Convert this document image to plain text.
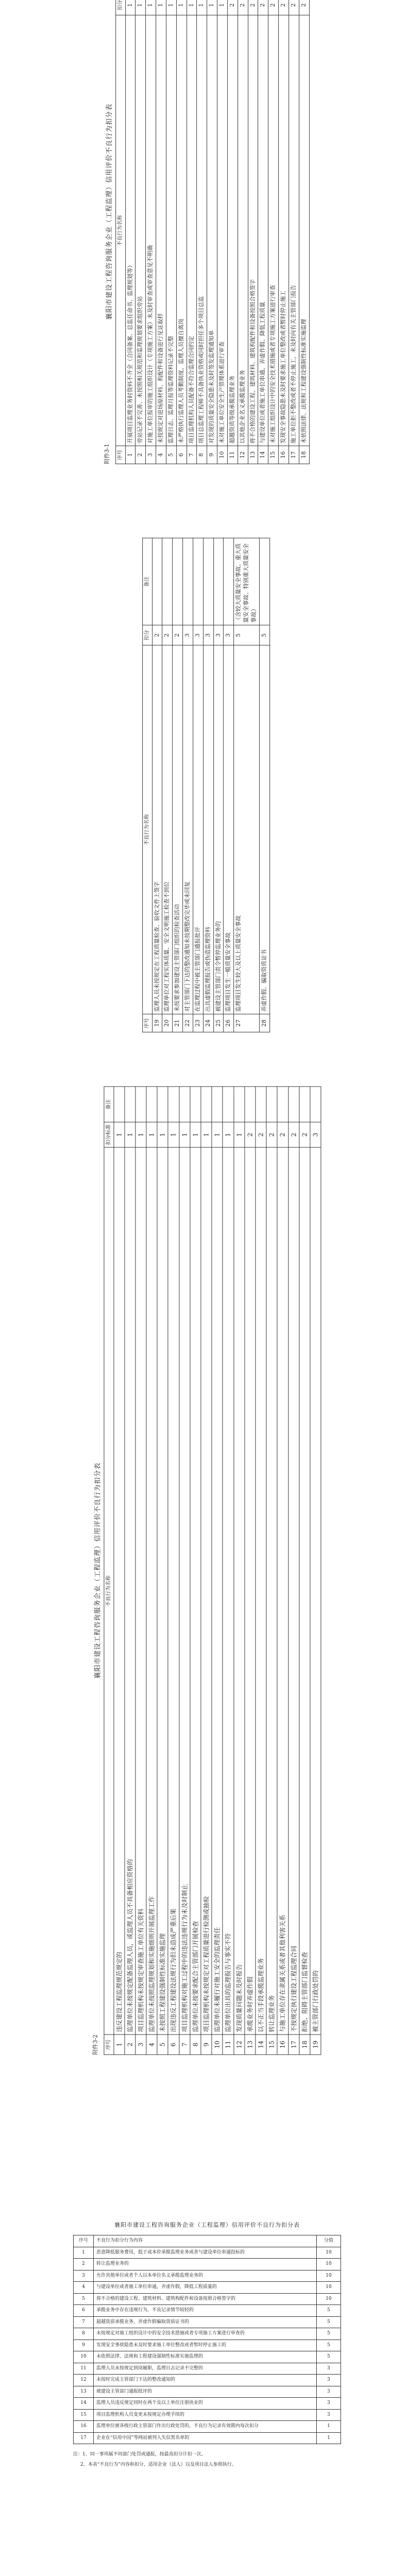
附件3-1
襄阳市建设工程咨询服务企业（工程监理）信用评价不良行为扣分表
序号	不良行为名称	扣分	
1	开展项目监理业务时资料不齐全（合同备案、总监任命书、监理规划等）	1	
2	旁站记录不完善、未按照相关规范和监理规划要求组织旁站	1	
3	对施工单位报审的施工组织设计（专项施工方案）未及时审查或审查意见不明确	1	
4	未按规定对进场原材料、构配件和设备进行见证取样	1	
5	监理日志、监理月报等监理资料记录不完整	1	
6	未严格执行监理人员考勤制度，监理人员擅自离岗	1	
7	项目监理机构人员配备不符合监理合同约定	1	
8	项目总监理工程师不具备执业资格或同时担任多个项目总监	1	
9	对发现的质量安全隐患未及时签发监理通知单	1	
10	未对施工单位安全生产管理体系进行审查	1	
11	超越资质等级承揽监理业务	2	
12	以其他企业名义承揽监理业务	2	
13	将不合格的建设工程、建筑材料、建筑构配件和设备按照合格签字	2	
14	与建设单位或者施工单位串通，弄虚作假、降低工程质量	2	
15	未对施工组织设计中的安全技术措施或者专项施工方案进行审查	2	
16	发现安全事故隐患未及时要求施工单位整改或者暂时停止施工	2	
17	施工单位拒不整改或者不停止施工，未及时向有关主管部门报告	2	
18	未依照法律、法规和工程建设强制性标准实施监理	2	
序号	不良行为名称	扣分	备注
19	监理人员未按规定在工程质量检查、验收文件上签字	2	
20	监理单位对工程实体质量、安全文明施工检查不到位	2	
21	未按要求参加建设主管部门组织的检查活动	2	
22	对主管部门下达的整改通知未按期整改完毕或未回复	3	
23	在监理过程中被主管部门通报批评	3	
24	出具虚假监理报告或伪造监理资料	3	
25	被建设主管部门责令暂停监理业务的	3	
26	监理项目发生一般质量安全事故	3	
27	监理项目发生较大及以上质量安全事故	5	（含较大质量安全事故、重大质量安全事故、特别重大质量安全事故）
28	弄虚作假、骗取资质证书	5	
附件3-2
襄阳市建设工程咨询服务企业（工程监理）信用评价不良行为扣分表
序号	不良行为名称	扣分标准	备注
1	违反建设工程监理规范规定的	1	
2	监理单位未按规定配备监理人员，或监理人员不具备相应资格的	1	
3	项目监理机构未按规定审查施工单位有关资料	1	
4	监理单位未按照监理规划和实施细则开展监理工作	1	
5	未按照工程建设强制性标准实施监理	1	
6	出现违反工程建设法规行为但未造成严重后果	1	
7	项目监理机构对施工过程中的违法违规行为未及时制止	1	
8	监理单位未按要求配合主管部门开展检查	1	
9	项目监理机构未按规定对工程质量进行检测或抽检	1	
10	监理单位未履行对施工安全的监理责任	1	
11	监理单位出具的监理报告与事实不符	1	
12	发现质量问题未及时报告	1	
13	承揽业务时弄虚作假	2	
14	以不正当手段承揽监理业务	2	
15	转让监理业务	2	
16	与施工单位存在隶属关系或者其他利害关系	2	
17	不按规定执行建设工程监理合同	2	
18	拒绝、阻碍主管部门监督检查	2	
19	被主管部门行政处罚的	3	
襄阳市建设工程咨询服务企业（工程监理）信用评价不良行为扣分表
序号	不良行为扣分行为内容	分值
1	恶意降低服务费用，低于成本价承揽监理业务或者与建设单位串通投标的	10
2	转让监理业务的	10
3	允许其他单位或者个人以本单位名义承揽监理业务的	10
4	与建设单位或者施工单位串通，弄虚作假，降低工程质量的	10
5	将不合格的建设工程、建筑材料、建筑构配件和设备按照合格签字的	10
6	承揽业务中存在违规行为，不良记录情节较轻的	5
7	超越资质承揽业务，弄虚作假骗取资质证书的	5
8	未按规定对施工组织设计中的安全技术措施或者专项施工方案进行审查的	5
9	发现安全事故隐患未及时要求施工单位整改或者暂时停止施工的	5
10	未依照法律、法规和工程建设强制性标准实施监理的	5
11	监理人员未按规定到岗履职，监理日志记录不完整的	3
12	未按时完成主管部门下达的整改通知的	3
13	被建设主管部门通报批评的	3
14	监理人员违反规定同时在两个及以上单位注册执业的	3
15	项目监理机构人员变更未按规定办理手续的	3
16	监理单位被各级行政主管部门作出行政处罚的，不良行为记录有效期内每次扣分	1
17	企业在“信用中国”等网站被列入失信黑名单的	1

注：1、同一事项属不同部门处罚或通报，按最高扣分计扣一次。

2、本表“不良行为”内容和扣分，适用企业（法人）以及项目法人参照执行。
